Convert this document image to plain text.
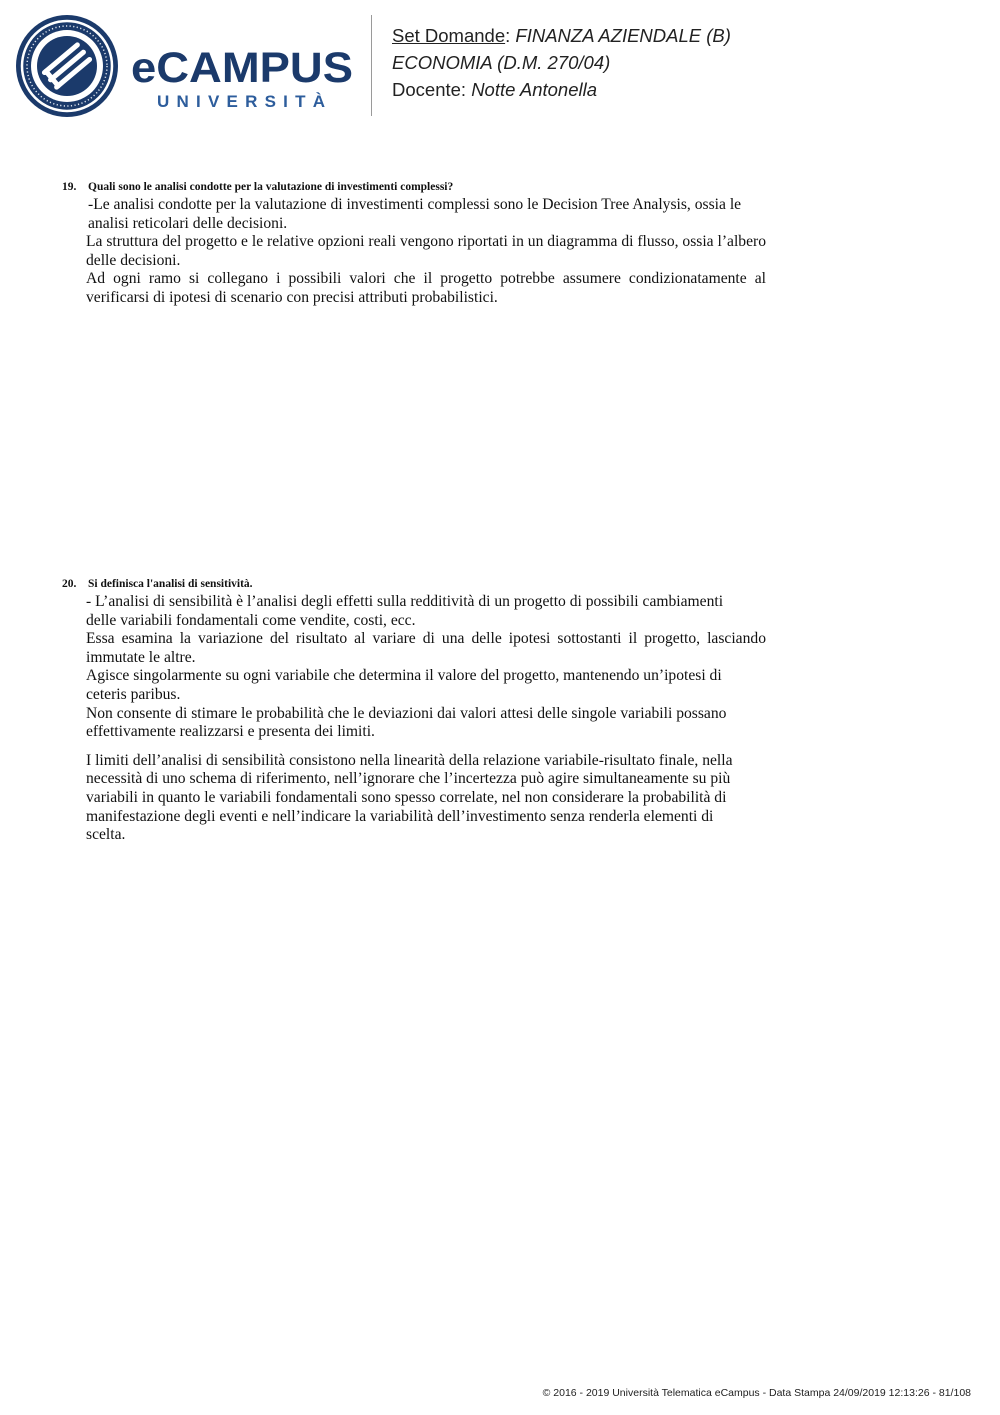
eCAMPUS
UNIVERSITÀ
Set Domande: FINANZA AZIENDALE (B)
ECONOMIA (D.M. 270/04)
Docente: Notte Antonella
19. Quali sono le analisi condotte per la valutazione di investimenti complessi?

-Le analisi condotte per la valutazione di investimenti complessi sono le Decision Tree Analysis, ossia le analisi reticolari delle decisioni.

La struttura del progetto e le relative opzioni reali vengono riportati in un diagramma di flusso, ossia l’albero delle decisioni.

Ad ogni ramo si collegano i possibili valori che il progetto potrebbe assumere condizionatamente al verificarsi di ipotesi di scenario con precisi attributi probabilistici.

20. Si definisca l'analisi di sensitività.

- L’analisi di sensibilità è l’analisi degli effetti sulla redditività di un progetto di possibili cambiamenti delle variabili fondamentali come vendite, costi, ecc.

Essa esamina la variazione del risultato al variare di una delle ipotesi sottostanti il progetto, lasciando immutate le altre.

Agisce singolarmente su ogni variabile che determina il valore del progetto, mantenendo un’ipotesi di ceteris paribus.

Non consente di stimare le probabilità che le deviazioni dai valori attesi delle singole variabili possano effettivamente realizzarsi e presenta dei limiti.

I limiti dell’analisi di sensibilità consistono nella linearità della relazione variabile-risultato finale, nella necessità di uno schema di riferimento, nell’ignorare che l’incertezza può agire simultaneamente su più variabili in quanto le variabili fondamentali sono spesso correlate, nel non considerare la probabilità di manifestazione degli eventi e nell’indicare la variabilità dell’investimento senza renderla elementi di scelta.

© 2016 - 2019 Università Telematica eCampus - Data Stampa 24/09/2019 12:13:26 - 81/108
